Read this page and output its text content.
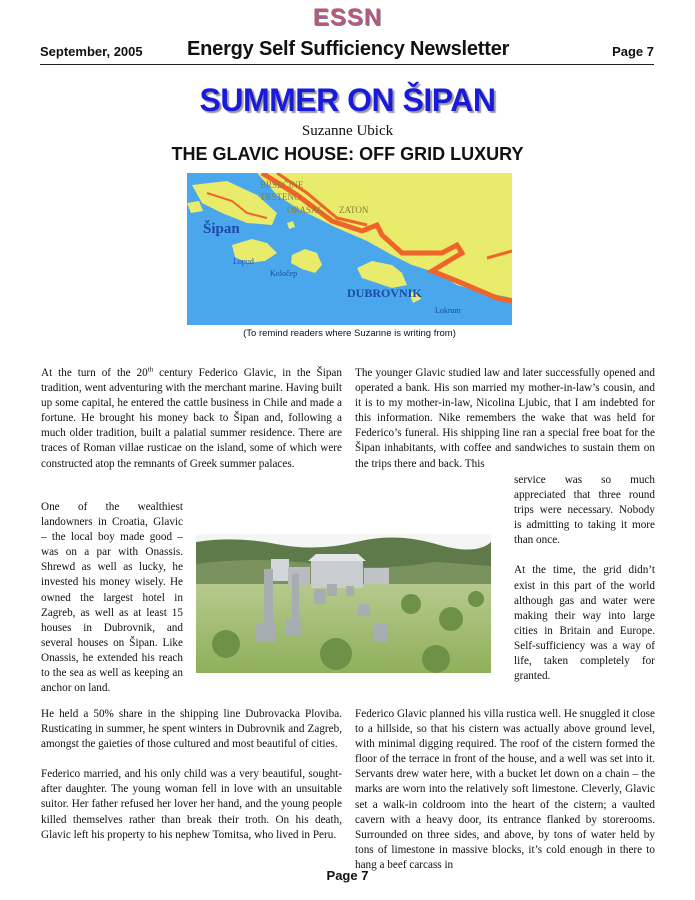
ESSN
September, 2005 Energy Self Sufficiency Newsletter	Page 7
SUMMER ON ŠIPAN
Suzanne Ubick
THE GLAVIC HOUSE: OFF GRID LUXURY
BRSEČINE
TRSTENO
ORAŠAC ZATON
Šipan
Lopud
Koločep
DUBROVNIK
Lokrum
(To remind readers where Suzanne is writing from)

At the turn of the 20th century Federico Glavic, in the Šipan tradition, went adventuring with the merchant marine. Having built up some capital, he entered the cattle business in Chile and made a fortune. He brought his money back to Šipan and, following a much older tradition, built a palatial summer residence. There are traces of Roman villae rusticae on the island, some of which were constructed atop the remnants of Greek summer palaces.

One of the wealthiest landowners in Croatia, Glavic – the local boy made good – was on a par with Onassis. Shrewd as well as lucky, he invested his money wisely. He owned the largest hotel in Zagreb, as well as at least 15 houses in Dubrovnik, and several houses on Šipan. Like Onassis, he extended his reach to the sea as well as keeping an anchor on land.

He held a 50% share in the shipping line Dubrovacka Ploviba. Rusticating in summer, he spent winters in Dubrovnik and Zagreb, amongst the gaieties of those cultured and most beautiful of cities.

Federico married, and his only child was a very beautiful, sought-after daughter. The young woman fell in love with an unsuitable suitor. Her father refused her lover her hand, and the young people killed themselves rather than break their troth. On his death, Glavic left his property to his nephew Tomitsa, who lived in Peru.

The younger Glavic studied law and later successfully opened and operated a bank. His son married my mother-in-law’s cousin, and it is to my mother-in-law, Nicolina Ljubic, that I am indebted for this information. Nike remembers the wake that was held for Federico’s funeral. His shipping line ran a special free boat for the Šipan inhabitants, with coffee and sandwiches to sustain them on the trips there and back. This

service was so much appreciated that three round trips were necessary. Nobody is admitting to taking it more than once.

At the time, the grid didn’t exist in this part of the world although gas and water were making their way into large cities in Britain and Europe. Self-sufficiency was a way of life, taken completely for granted.

Federico Glavic planned his villa rustica well. He snuggled it close to a hillside, so that his cistern was actually above ground level, with minimal digging required. The roof of the cistern formed the floor of the terrace in front of the house, and a well was set into it. Servants drew water here, with a bucket let down on a chain – the marks are worn into the relatively soft limestone. Cleverly, Glavic set a walk-in coldroom into the heart of the cistern; a vaulted cavern with a heavy door, its entrance flanked by storerooms. Surrounded on three sides, and above, by tons of water held by tons of limestone in massive blocks, it’s cold enough in there to hang a beef carcass in

Page 7
